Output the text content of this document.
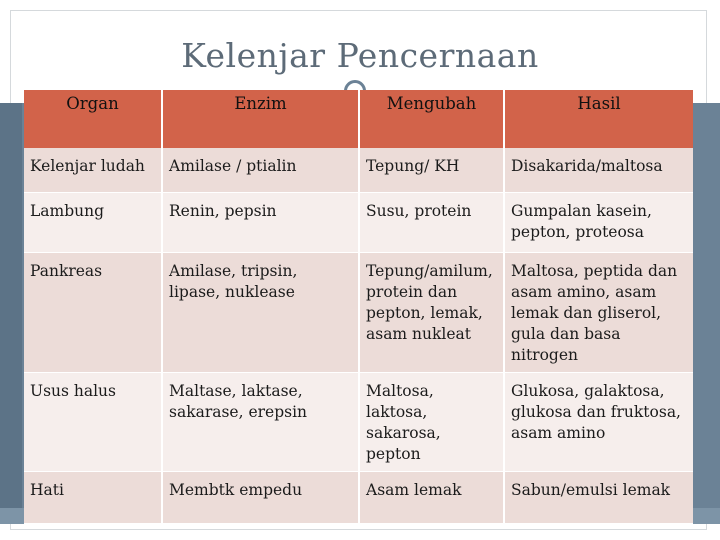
Kelenjar Pencernaan
Organ	Enzim	Mengubah	Hasil
Kelenjar ludah	Amilase / ptialin	Tepung/ KH	Disakarida/maltosa
Lambung	Renin, pepsin	Susu, protein	Gumpalan kasein, pepton, proteosa
Pankreas	Amilase, tripsin, lipase, nuklease	Tepung/amilum, protein dan pepton, lemak, asam nukleat	Maltosa, peptida dan asam amino, asam lemak dan gliserol, gula dan basa nitrogen
Usus halus	Maltase, laktase, sakarase, erepsin	Maltosa, laktosa, sakarosa, pepton	Glukosa, galaktosa, glukosa dan fruktosa, asam amino
Hati	Membtk empedu	Asam lemak	Sabun/emulsi lemak
